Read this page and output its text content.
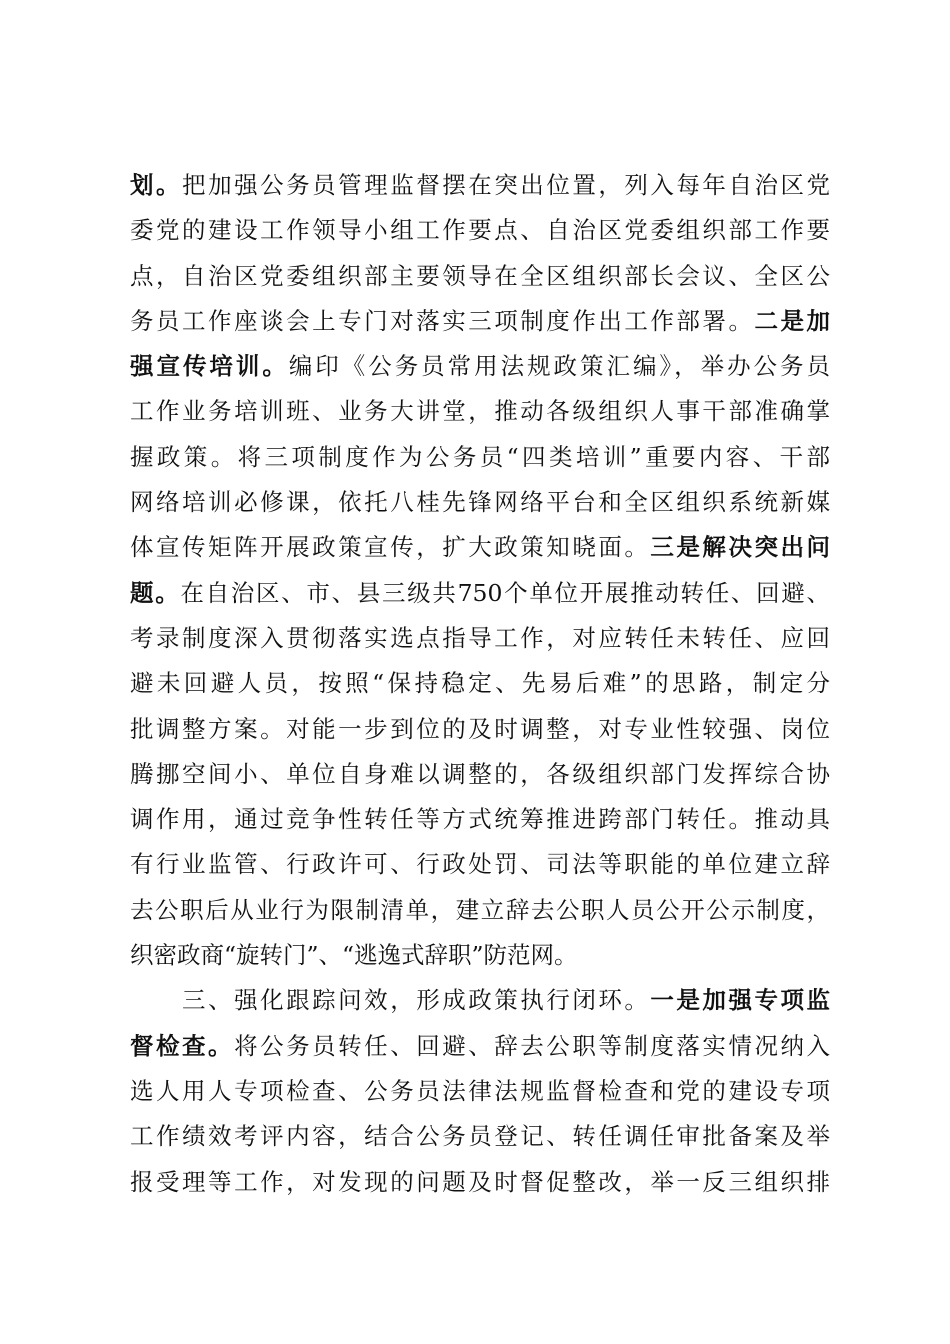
划。把加强公务员管理监督摆在突出位置，列入每年自治区党
委党的建设工作领导小组工作要点、自治区党委组织部工作要
点，自治区党委组织部主要领导在全区组织部长会议、全区公
务员工作座谈会上专门对落实三项制度作出工作部署。二是加
强宣传培训。编印《公务员常用法规政策汇编》，举办公务员
工作业务培训班、业务大讲堂，推动各级组织人事干部准确掌
握政策。将三项制度作为公务员“四类培训”重要内容、干部
网络培训必修课，依托八桂先锋网络平台和全区组织系统新媒
体宣传矩阵开展政策宣传，扩大政策知晓面。三是解决突出问
题。在自治区、市、县三级共750个单位开展推动转任、回避、
考录制度深入贯彻落实选点指导工作，对应转任未转任、应回
避未回避人员，按照“保持稳定、先易后难”的思路，制定分
批调整方案。对能一步到位的及时调整，对专业性较强、岗位
腾挪空间小、单位自身难以调整的，各级组织部门发挥综合协
调作用，通过竞争性转任等方式统筹推进跨部门转任。推动具
有行业监管、行政许可、行政处罚、司法等职能的单位建立辞
去公职后从业行为限制清单，建立辞去公职人员公开公示制度，
织密政商“旋转门”、“逃逸式辞职”防范网。
　　三、强化跟踪问效，形成政策执行闭环。一是加强专项监
督检查。将公务员转任、回避、辞去公职等制度落实情况纳入
选人用人专项检查、公务员法律法规监督检查和党的建设专项
工作绩效考评内容，结合公务员登记、转任调任审批备案及举
报受理等工作，对发现的问题及时督促整改，举一反三组织排
